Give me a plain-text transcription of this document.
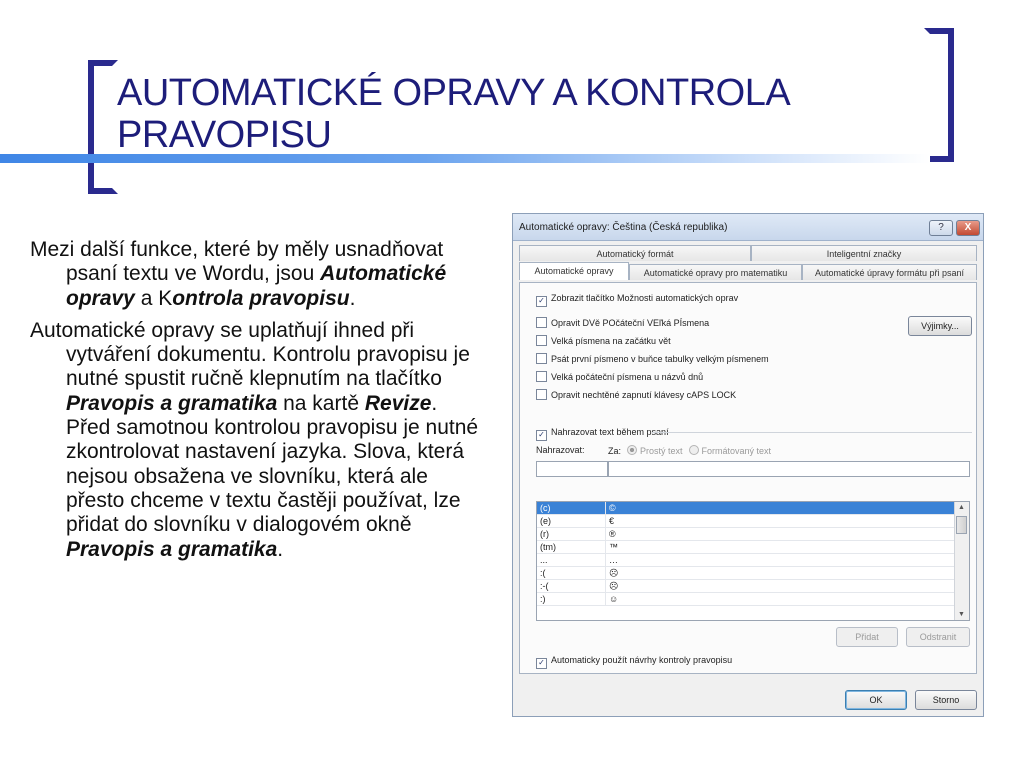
AUTOMATICKÉ OPRAVY A KONTROLA PRAVOPISU

Mezi další funkce, které by měly usnadňovat psaní textu ve Wordu, jsou Automatické opravy a Kontrola pravopisu.

Automatické opravy se uplatňují ihned při vytváření dokumentu. Kontrolu pravopisu je nutné spustit ručně klepnutím na tlačítko Pravopis a gramatika na kartě Revize. Před samotnou kontrolou pravopisu je nutné zkontrolovat nastavení jazyka. Slova, která nejsou obsažena ve slovníku, která ale přesto chceme v textu častěji používat, lze přidat do slovníku v dialogovém okně Pravopis a gramatika.

Automatické opravy: Čeština (Česká republika)	?	X
Automatický formát	Inteligentní značky
Automatické opravy	Automatické opravy pro matematiku	Automatické úpravy formátu při psaní
✓ Zobrazit tlačítko Možnosti automatických oprav
Opravit DVě POčáteční VEľká PÍsmena
Velká písmena na začátku vět
Psát první písmeno v buňce tabulky velkým písmenem
Velká počáteční písmena u názvů dnů
Opravit nechtěné zapnutí klávesy cAPS LOCK
Výjimky...
✓ Nahrazovat text během psaní
Nahrazovat:	Za: Prostý text Formátovaný text
(c)	©
(e)	€
(r)	®
(tm)	™
...	…
:(	☹
:-(	☹
:)	☺
▲
▼
Přidat	Odstranit
✓ Automaticky použít návrhy kontroly pravopisu
OK	Storno
